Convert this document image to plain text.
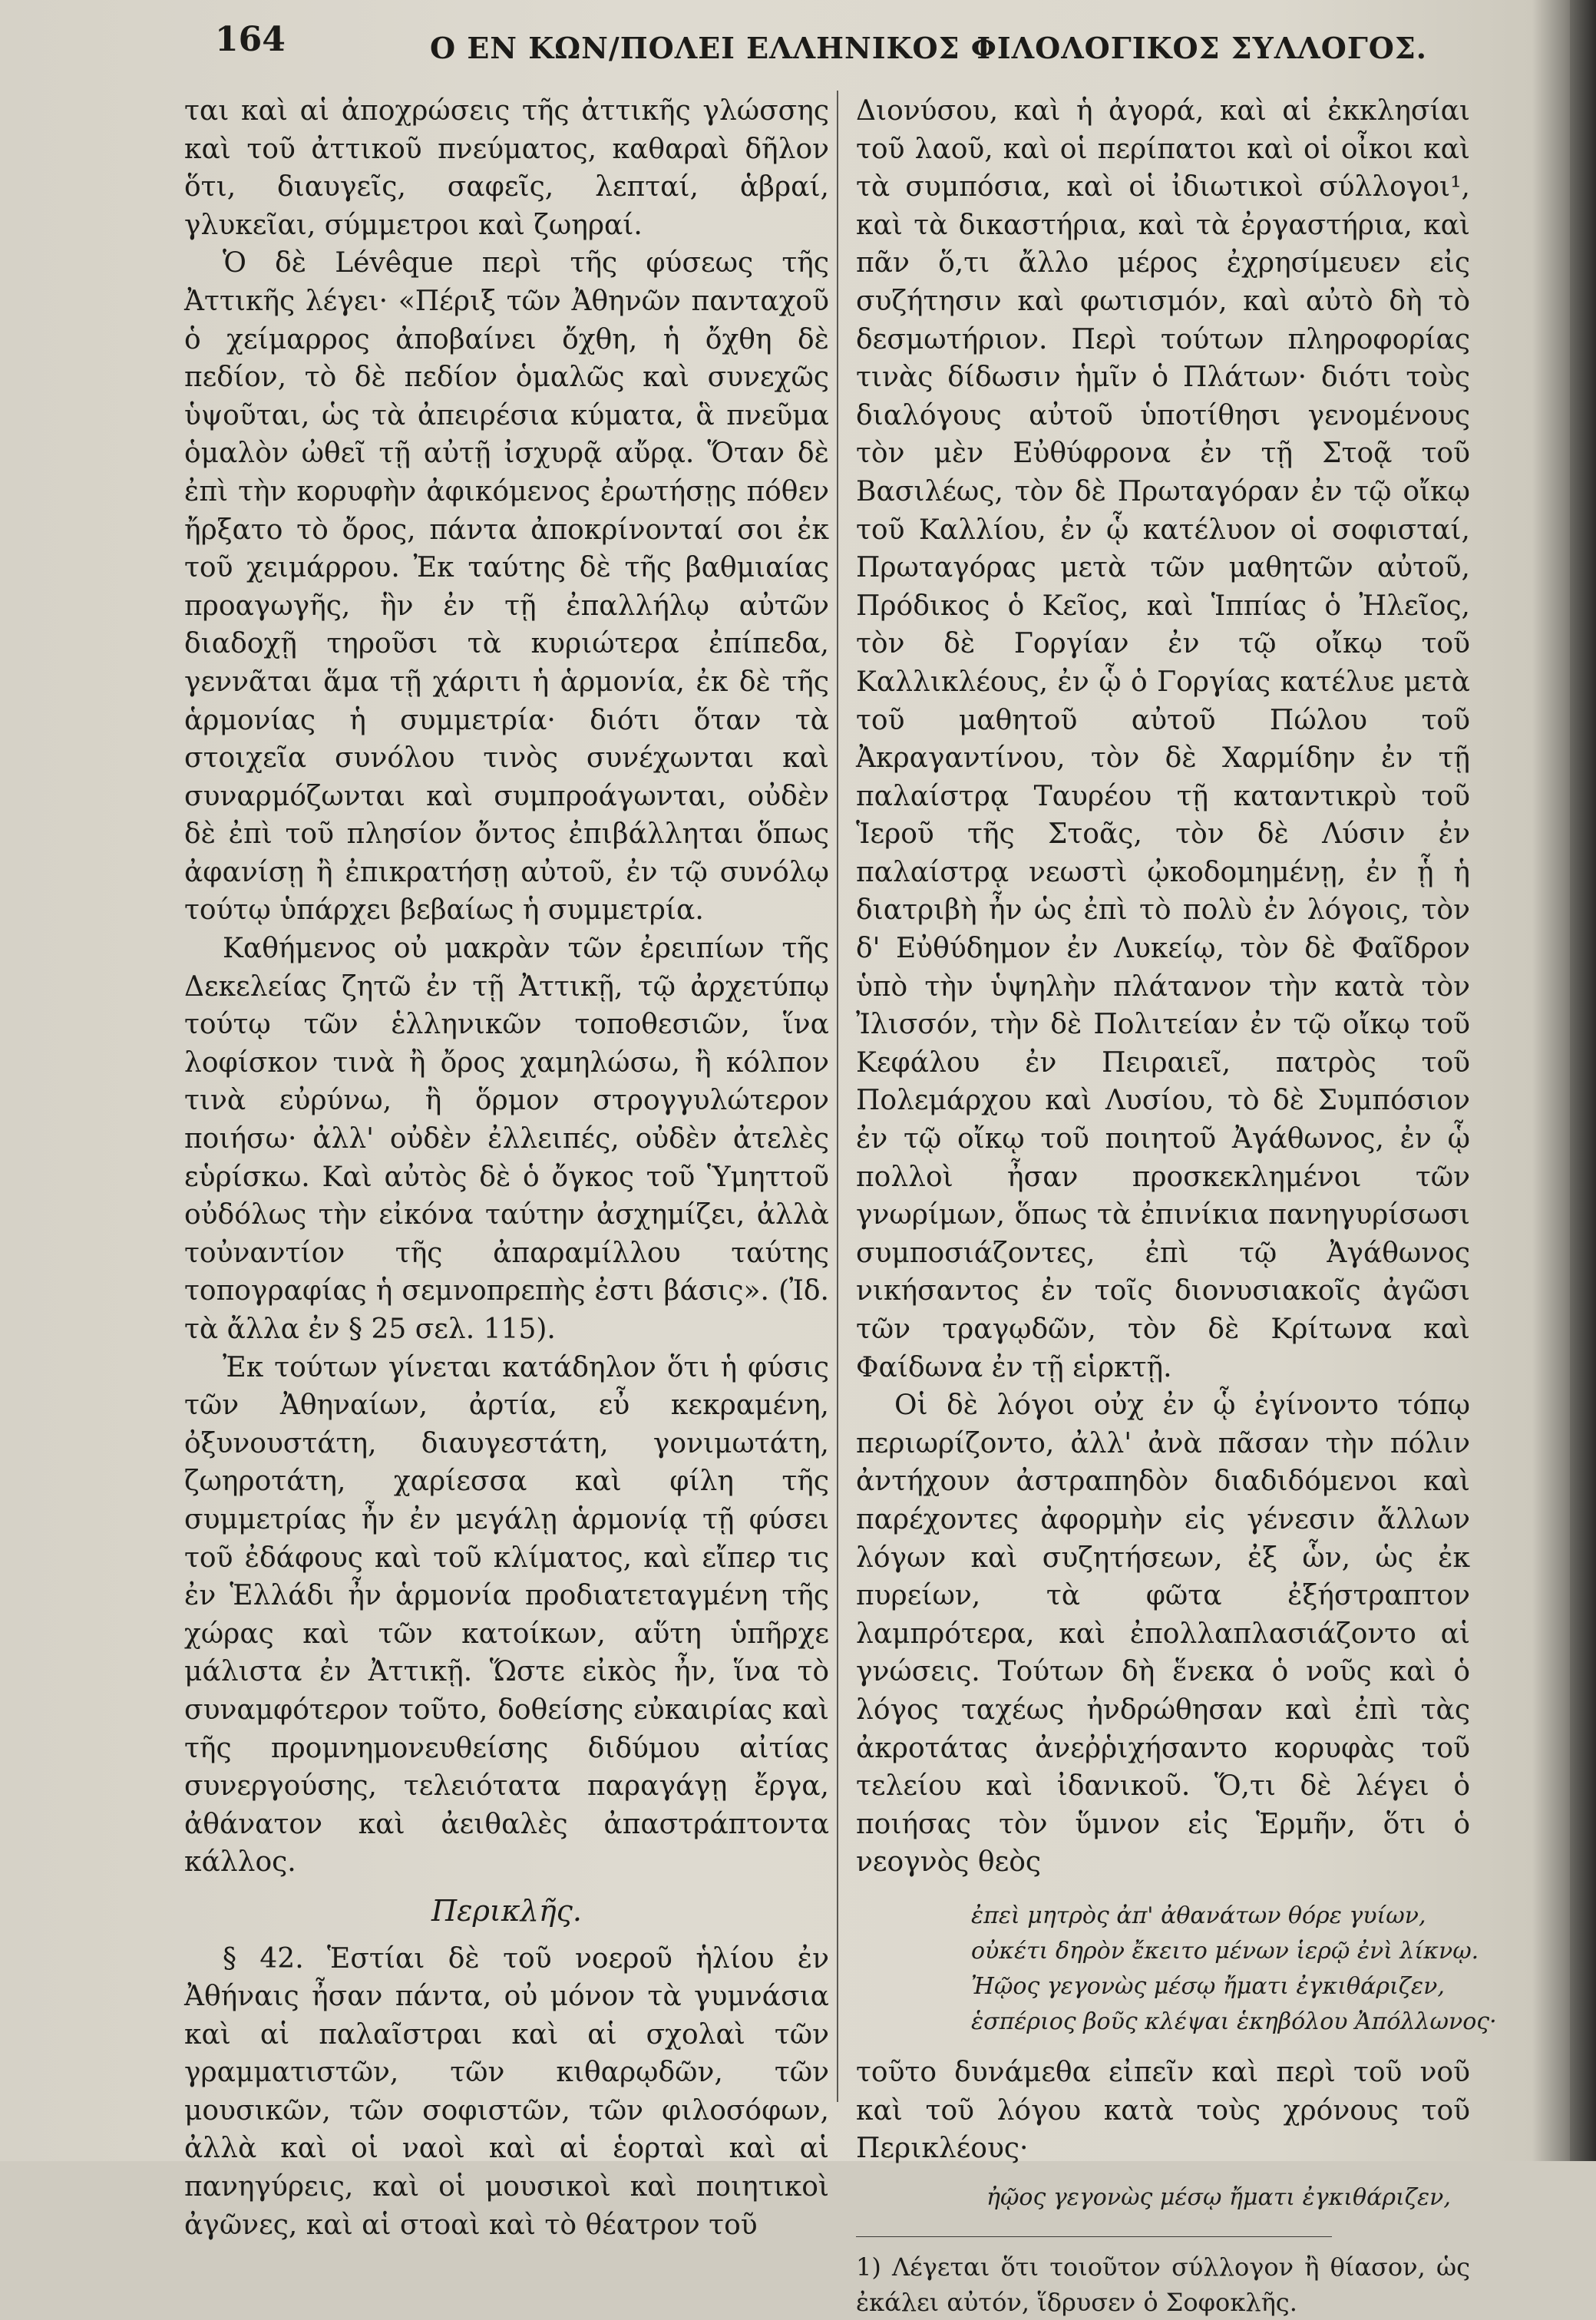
164	Ο ΕΝ ΚΩΝ/ΠΟΛΕΙ ΕΛΛΗΝΙΚΟΣ ΦΙΛΟΛΟΓΙΚΟΣ ΣΥΛΛΟΓΟΣ.

ται καὶ αἱ ἀποχρώσεις τῆς ἀττικῆς γλώσσης καὶ τοῦ ἀττικοῦ πνεύματος, καθαραὶ δῆλον ὅτι, διαυγεῖς, σαφεῖς, λεπταί, ἁβραί, γλυκεῖαι, σύμμετροι καὶ ζωηραί.

Ὁ δὲ Lévêque περὶ τῆς φύσεως τῆς Ἀττικῆς λέγει· «Πέριξ τῶν Ἀθηνῶν πανταχοῦ ὁ χείμαρρος ἀποβαίνει ὄχθη, ἡ ὄχθη δὲ πεδίον, τὸ δὲ πεδίον ὁμαλῶς καὶ συνεχῶς ὑψοῦται, ὡς τὰ ἀπειρέσια κύματα, ἃ πνεῦμα ὁμαλὸν ὠθεῖ τῇ αὐτῇ ἰσχυρᾷ αὔρᾳ. Ὅταν δὲ ἐπὶ τὴν κορυφὴν ἀφικόμενος ἐρωτήσῃς πόθεν ἤρξατο τὸ ὄρος, πάντα ἀποκρίνονταί σοι ἐκ τοῦ χειμάρρου. Ἐκ ταύτης δὲ τῆς βαθμιαίας προαγωγῆς, ἣν ἐν τῇ ἐπαλλήλῳ αὐτῶν διαδοχῇ τηροῦσι τὰ κυριώτερα ἐπίπεδα, γεννᾶται ἅμα τῇ χάριτι ἡ ἁρμονία, ἐκ δὲ τῆς ἁρμονίας ἡ συμμετρία· διότι ὅταν τὰ στοιχεῖα συνόλου τινὸς συνέχωνται καὶ συναρμόζωνται καὶ συμπροάγωνται, οὐδὲν δὲ ἐπὶ τοῦ πλησίον ὄντος ἐπιβάλληται ὅπως ἀφανίσῃ ἢ ἐπικρατήσῃ αὐτοῦ, ἐν τῷ συνόλῳ τούτῳ ὑπάρχει βεβαίως ἡ συμμετρία.

Καθήμενος οὐ μακρὰν τῶν ἐρειπίων τῆς Δεκελείας ζητῶ ἐν τῇ Ἀττικῇ, τῷ ἀρχετύπῳ τούτῳ τῶν ἑλληνικῶν τοποθεσιῶν, ἵνα λοφίσκον τινὰ ἢ ὄρος χαμηλώσω, ἢ κόλπον τινὰ εὐρύνω, ἢ ὅρμον στρογγυλώτερον ποιήσω· ἀλλ' οὐδὲν ἐλλειπές, οὐδὲν ἀτελὲς εὑρίσκω. Καὶ αὐτὸς δὲ ὁ ὄγκος τοῦ Ὑμηττοῦ οὐδόλως τὴν εἰκόνα ταύτην ἀσχημίζει, ἀλλὰ τοὐναντίον τῆς ἀπαραμίλλου ταύτης τοπογραφίας ἡ σεμνοπρεπὴς ἐστι βάσις». (Ἰδ. τὰ ἄλλα ἐν § 25 σελ. 115).

Ἐκ τούτων γίνεται κατάδηλον ὅτι ἡ φύσις τῶν Ἀθηναίων, ἀρτία, εὖ κεκραμένη, ὀξυνουστάτη, διαυγεστάτη, γονιμωτάτη, ζωηροτάτη, χαρίεσσα καὶ φίλη τῆς συμμετρίας ἦν ἐν μεγάλῃ ἁρμονίᾳ τῇ φύσει τοῦ ἐδάφους καὶ τοῦ κλίματος, καὶ εἴπερ τις ἐν Ἑλλάδι ἦν ἁρμονία προδιατεταγμένη τῆς χώρας καὶ τῶν κατοίκων, αὕτη ὑπῆρχε μάλιστα ἐν Ἀττικῇ. Ὥστε εἰκὸς ἦν, ἵνα τὸ συναμφότερον τοῦτο, δοθείσης εὐκαιρίας καὶ τῆς προμνημονευθείσης διδύμου αἰτίας συνεργούσης, τελειότατα παραγάγῃ ἔργα, ἀθάνατον καὶ ἀειθαλὲς ἀπαστράπτοντα κάλλος.

Περικλῆς.

§ 42. Ἑστίαι δὲ τοῦ νοεροῦ ἡλίου ἐν Ἀθήναις ἦσαν πάντα, οὐ μόνον τὰ γυμνάσια καὶ αἱ παλαῖστραι καὶ αἱ σχολαὶ τῶν γραμματιστῶν, τῶν κιθαρῳδῶν, τῶν μουσικῶν, τῶν σοφιστῶν, τῶν φιλοσόφων, ἀλλὰ καὶ οἱ ναοὶ καὶ αἱ ἑορταὶ καὶ αἱ πανηγύρεις, καὶ οἱ μουσικοὶ καὶ ποιητικοὶ ἀγῶνες, καὶ αἱ στοαὶ καὶ τὸ θέατρον τοῦ

Διονύσου, καὶ ἡ ἀγορά, καὶ αἱ ἐκκλησίαι τοῦ λαοῦ, καὶ οἱ περίπατοι καὶ οἱ οἶκοι καὶ τὰ συμπόσια, καὶ οἱ ἰδιωτικοὶ σύλλογοι¹, καὶ τὰ δικαστήρια, καὶ τὰ ἐργαστήρια, καὶ πᾶν ὅ,τι ἄλλο μέρος ἐχρησίμευεν εἰς συζήτησιν καὶ φωτισμόν, καὶ αὐτὸ δὴ τὸ δεσμωτήριον. Περὶ τούτων πληροφορίας τινὰς δίδωσιν ἡμῖν ὁ Πλάτων· διότι τοὺς διαλόγους αὐτοῦ ὑποτίθησι γενομένους τὸν μὲν Εὐθύφρονα ἐν τῇ Στοᾷ τοῦ Βασιλέως, τὸν δὲ Πρωταγόραν ἐν τῷ οἴκῳ τοῦ Καλλίου, ἐν ᾧ κατέλυον οἱ σοφισταί, Πρωταγόρας μετὰ τῶν μαθητῶν αὐτοῦ, Πρόδικος ὁ Κεῖος, καὶ Ἱππίας ὁ Ἠλεῖος, τὸν δὲ Γοργίαν ἐν τῷ οἴκῳ τοῦ Καλλικλέους, ἐν ᾧ ὁ Γοργίας κατέλυε μετὰ τοῦ μαθητοῦ αὐτοῦ Πώλου τοῦ Ἀκραγαντίνου, τὸν δὲ Χαρμίδην ἐν τῇ παλαίστρᾳ Ταυρέου τῇ καταντικρὺ τοῦ Ἱεροῦ τῆς Στοᾶς, τὸν δὲ Λύσιν ἐν παλαίστρᾳ νεωστὶ ᾠκοδομημένῃ, ἐν ᾗ ἡ διατριβὴ ἦν ὡς ἐπὶ τὸ πολὺ ἐν λόγοις, τὸν δ' Εὐθύδημον ἐν Λυκείῳ, τὸν δὲ Φαῖδρον ὑπὸ τὴν ὑψηλὴν πλάτανον τὴν κατὰ τὸν Ἰλισσόν, τὴν δὲ Πολιτείαν ἐν τῷ οἴκῳ τοῦ Κεφάλου ἐν Πειραιεῖ, πατρὸς τοῦ Πολεμάρχου καὶ Λυσίου, τὸ δὲ Συμπόσιον ἐν τῷ οἴκῳ τοῦ ποιητοῦ Ἀγάθωνος, ἐν ᾧ πολλοὶ ἦσαν προσκεκλημένοι τῶν γνωρίμων, ὅπως τὰ ἐπινίκια πανηγυρίσωσι συμποσιάζοντες, ἐπὶ τῷ Ἀγάθωνος νικήσαντος ἐν τοῖς διονυσιακοῖς ἀγῶσι τῶν τραγῳδῶν, τὸν δὲ Κρίτωνα καὶ Φαίδωνα ἐν τῇ εἱρκτῇ.

Οἱ δὲ λόγοι οὐχ ἐν ᾧ ἐγίνοντο τόπῳ περιωρίζοντο, ἀλλ' ἀνὰ πᾶσαν τὴν πόλιν ἀντήχουν ἀστραπηδὸν διαδιδόμενοι καὶ παρέχοντες ἀφορμὴν εἰς γένεσιν ἄλλων λόγων καὶ συζητήσεων, ἐξ ὧν, ὡς ἐκ πυρείων, τὰ φῶτα ἐξήστραπτον λαμπρότερα, καὶ ἐπολλαπλασιάζοντο αἱ γνώσεις. Τούτων δὴ ἕνεκα ὁ νοῦς καὶ ὁ λόγος ταχέως ἠνδρώθησαν καὶ ἐπὶ τὰς ἀκροτάτας ἀνεῤῥιχήσαντο κορυφὰς τοῦ τελείου καὶ ἰδανικοῦ. Ὅ,τι δὲ λέγει ὁ ποιήσας τὸν ὕμνον εἰς Ἑρμῆν, ὅτι ὁ νεογνὸς θεὸς

ἐπεὶ μητρὸς ἀπ' ἀθανάτων θόρε γυίων,
οὐκέτι δηρὸν ἔκειτο μένων ἱερῷ ἐνὶ λίκνῳ.
Ἠῷος γεγονὼς μέσῳ ἤματι ἐγκιθάριζεν,
ἑσπέριος βοῦς κλέψαι ἑκηβόλου Ἀπόλλωνος·

τοῦτο δυνάμεθα εἰπεῖν καὶ περὶ τοῦ νοῦ καὶ τοῦ λόγου κατὰ τοὺς χρόνους τοῦ Περικλέους·

ἠῷος γεγονὼς μέσῳ ἤματι ἐγκιθάριζεν,

1) Λέγεται ὅτι τοιοῦτον σύλλογον ἢ θίασον, ὡς ἐκάλει αὐτόν, ἵδρυσεν ὁ Σοφοκλῆς.
